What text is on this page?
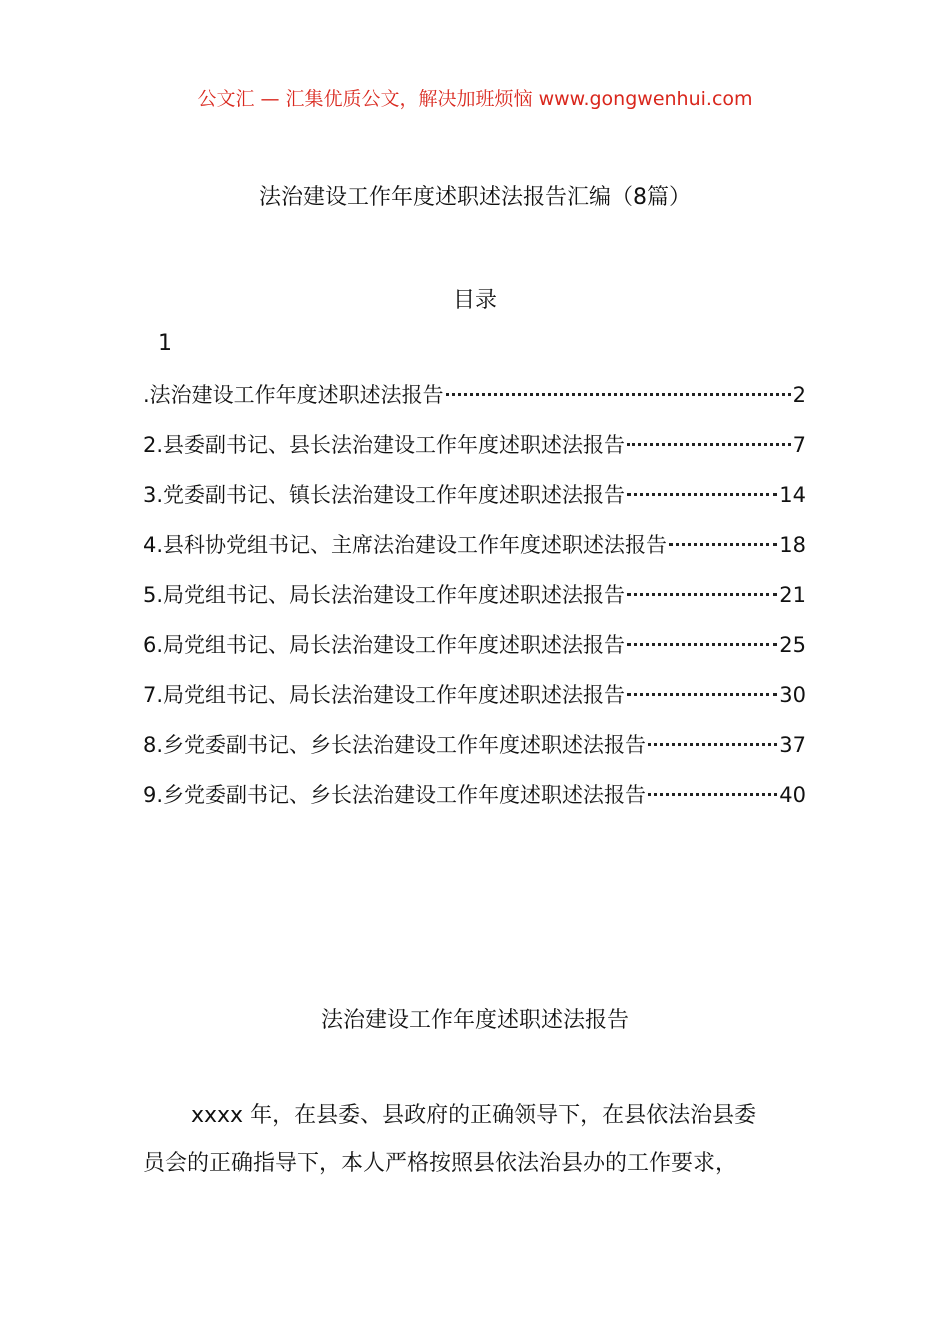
公文汇 — 汇集优质公文，解决加班烦恼 www.gongwenhui.com
法治建设工作年度述职述法报告汇编（8篇）
目录
1
.法治建设工作年度述职述法报告	2
2.县委副书记、县长法治建设工作年度述职述法报告	7
3.党委副书记、镇长法治建设工作年度述职述法报告	14
4.县科协党组书记、主席法治建设工作年度述职述法报告	18
5.局党组书记、局长法治建设工作年度述职述法报告	21
6.局党组书记、局长法治建设工作年度述职述法报告	25
7.局党组书记、局长法治建设工作年度述职述法报告	30
8.乡党委副书记、乡长法治建设工作年度述职述法报告	37
9.乡党委副书记、乡长法治建设工作年度述职述法报告	40
法治建设工作年度述职述法报告
xxxx 年，在县委、县政府的正确领导下，在县依法治县委
员会的正确指导下，本人严格按照县依法治县办的工作要求，
